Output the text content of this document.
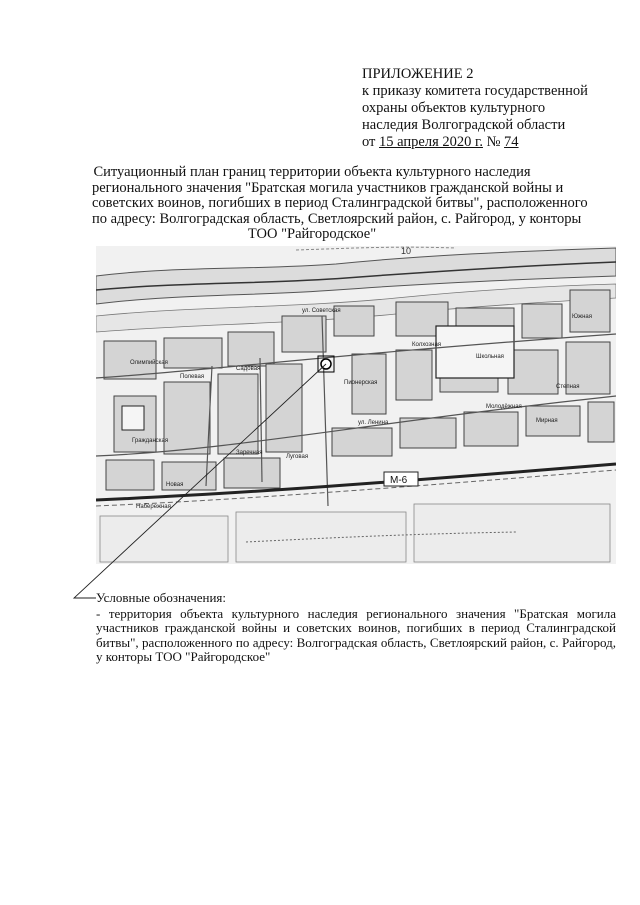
ПРИЛОЖЕНИЕ 2
к приказу комитета государственной
охраны объектов культурного
наследия Волгоградской области
от 15 апреля 2020 г. № 74
Ситуационный план границ территории объекта культурного наследия
регионального значения "Братская могила участников гражданской войны и
советских воинов, погибших в период Сталинградской битвы", расположенного
по адресу: Волгоградская область, Светлоярский район, с. Райгород, у конторы
ТОО "Райгородское"
10
М-6
ул. Советская
ул. Ленина
Олимпийская
Полевая
Садовая
Школьная
Степная
Молодёжная
Гражданская
Заречная
Набережная
Пионерская
Колхозная
Мирная
Луговая
Новая
Южная
Условные обозначения:
- территория объекта культурного наследия регионального значения "Братская могила участников гражданской войны и советских воинов, погибших в период Сталинградской битвы", расположенного по адресу: Волгоградская область, Светлоярский район, с. Райгород, у конторы ТОО "Райгородское"
